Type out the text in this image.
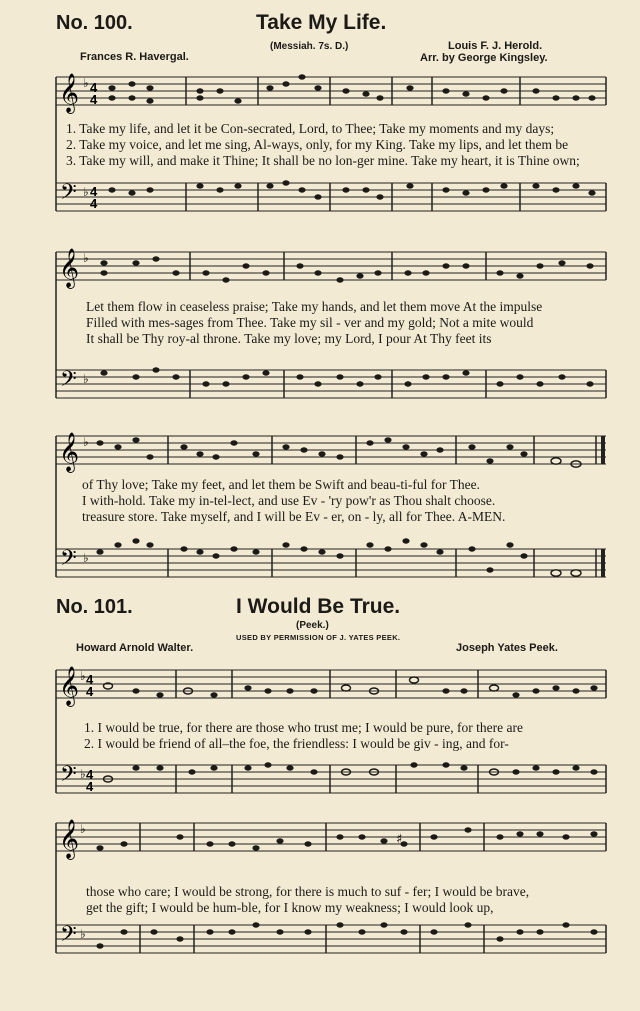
No. 100.	Take My Life.
(Messiah. 7s. D.)
Frances R. Havergal.
Louis F. J. Herold.
Arr. by George Kingsley.
𝄞
𝄢
♭
♭
4
4
4
4
𝄞
𝄢
♭
♭
𝄞
𝄢
♭
♭
𝄞
𝄢
♭
♭
4
4
4
4
𝄞
𝄢
♭
♭
♯
1. Take my life, and let it be Con-secrated, Lord, to Thee; Take my moments and my days;
2. Take my voice, and let me sing, Al-ways, only, for my King. Take my lips, and let them be
3. Take my will, and make it Thine; It shall be no lon-ger mine. Take my heart, it is Thine own;
Let them flow in ceaseless praise; Take my hands, and let them move At the impulse
Filled with mes-sages from Thee. Take my sil - ver and my gold; Not a mite would
It shall be Thy roy-al throne. Take my love; my Lord, I pour At Thy feet its
of Thy love; Take my feet, and let them be Swift and beau-ti-ful for Thee.
I with-hold. Take my in-tel-lect, and use Ev - 'ry pow'r as Thou shalt choose.
treasure store. Take myself, and I will be Ev - er, on - ly, all for Thee. A-MEN.
No. 101.	I Would Be True.
(Peek.)
USED BY PERMISSION OF J. YATES PEEK.
Howard Arnold Walter.	Joseph Yates Peek.
1. I would be true, for there are those who trust me; I would be pure, for there are
2. I would be friend of all–the foe, the friendless: I would be giv - ing, and for-
those who care; I would be strong, for there is much to suf - fer; I would be brave,
get the gift; I would be hum-ble, for I know my weakness; I would look up,
